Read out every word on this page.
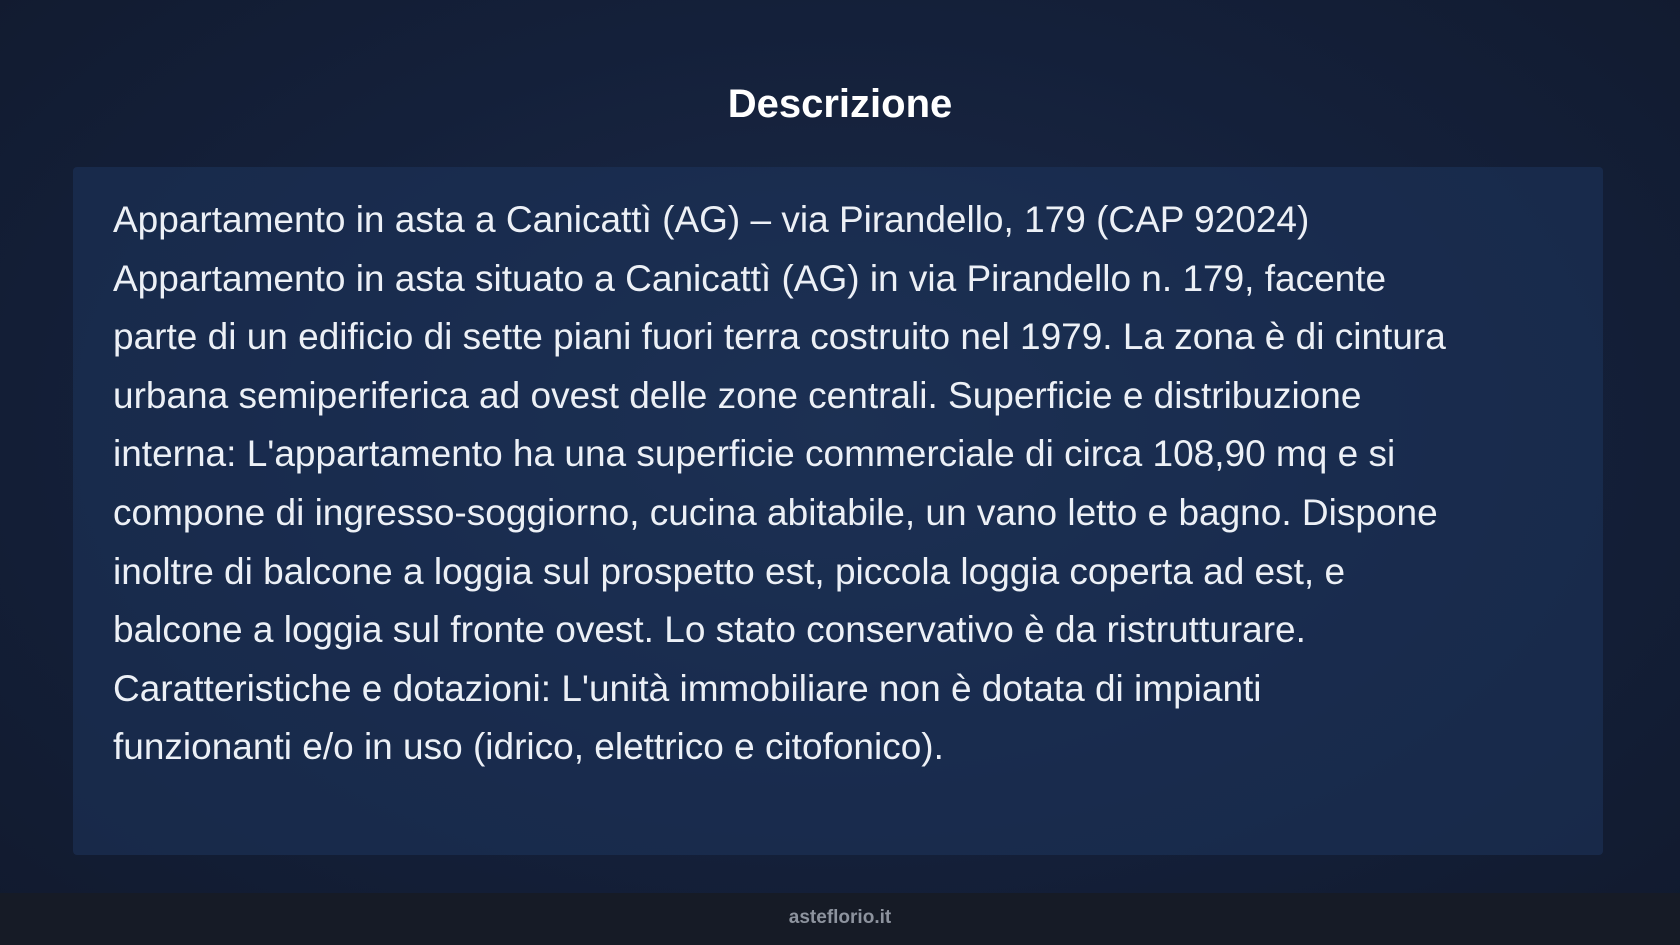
Descrizione

Appartamento in asta a Canicattì (AG) – via Pirandello, 179 (CAP 92024)
Appartamento in asta situato a Canicattì (AG) in via Pirandello n. 179, facente
parte di un edificio di sette piani fuori terra costruito nel 1979. La zona è di cintura
urbana semiperiferica ad ovest delle zone centrali. Superficie e distribuzione
interna: L'appartamento ha una superficie commerciale di circa 108,90 mq e si
compone di ingresso-soggiorno, cucina abitabile, un vano letto e bagno. Dispone
inoltre di balcone a loggia sul prospetto est, piccola loggia coperta ad est, e
balcone a loggia sul fronte ovest. Lo stato conservativo è da ristrutturare.
Caratteristiche e dotazioni: L'unità immobiliare non è dotata di impianti
funzionanti e/o in uso (idrico, elettrico e citofonico).

asteflorio.it
